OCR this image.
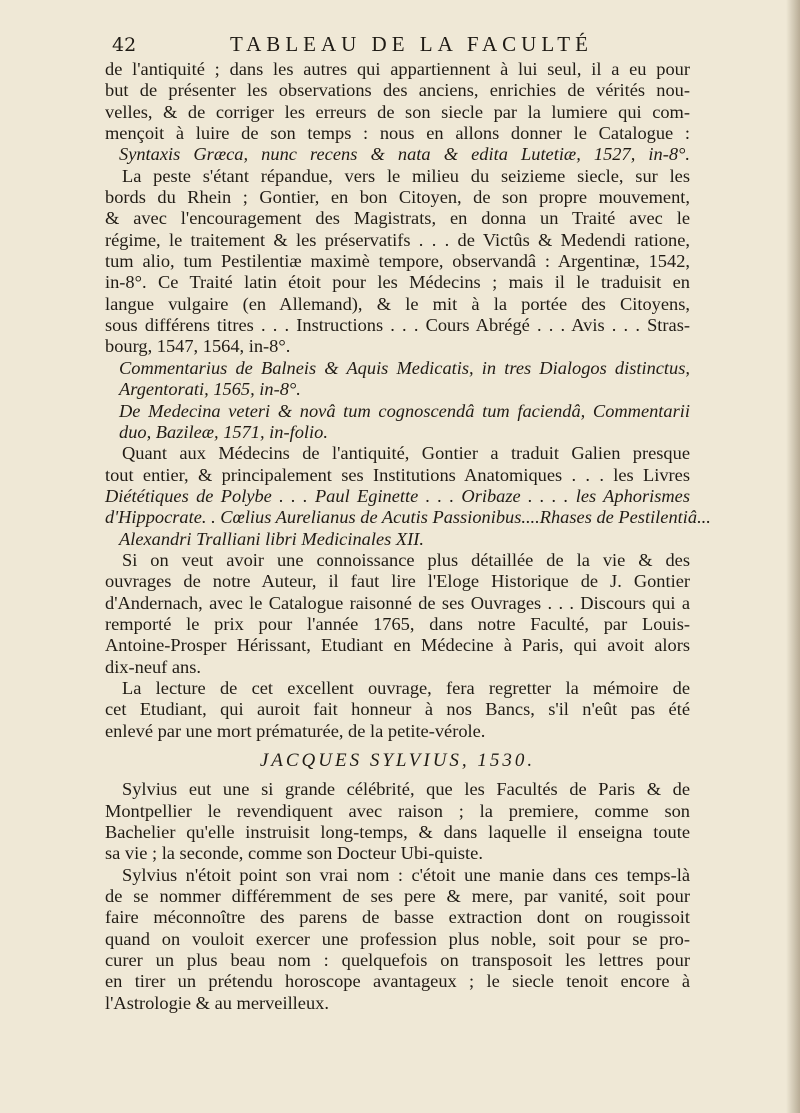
42	TABLEAU DE LA FACULTÉ
de l'antiquité ; dans les autres qui appartiennent à lui seul, il a eu pour
but de présenter les observations des anciens, enrichies de vérités nou-
velles, & de corriger les erreurs de son siecle par la lumiere qui com-
mençoit à luire de son temps : nous en allons donner le Catalogue :
Syntaxis Græca, nunc recens & nata & edita Lutetiæ, 1527, in-8°.
La peste s'étant répandue, vers le milieu du seizieme siecle, sur les
bords du Rhein ; Gontier, en bon Citoyen, de son propre mouvement,
& avec l'encouragement des Magistrats, en donna un Traité avec le
régime, le traitement & les préservatifs . . . de Victûs & Medendi ratione,
tum alio, tum Pestilentiæ maximè tempore, observandâ : Argentinæ, 1542,
in-8°. Ce Traité latin étoit pour les Médecins ; mais il le traduisit en
langue vulgaire (en Allemand), & le mit à la portée des Citoyens,
sous différens titres . . . Instructions . . . Cours Abrégé . . . Avis . . . Stras-
bourg, 1547, 1564, in-8°.
Commentarius de Balneis & Aquis Medicatis, in tres Dialogos distinctus,
Argentorati, 1565, in-8°.
De Medecina veteri & novâ tum cognoscendâ tum faciendâ, Commentarii
duo, Bazileæ, 1571, in-folio.
Quant aux Médecins de l'antiquité, Gontier a traduit Galien presque
tout entier, & principalement ses Institutions Anatomiques . . . les Livres
Diététiques de Polybe . . . Paul Eginette . . . Oribaze . . . . les Aphorismes
d'Hippocrate. . Cœlius Aurelianus de Acutis Passionibus....Rhases de Pestilentiâ...
Alexandri Tralliani libri Medicinales XII.
Si on veut avoir une connoissance plus détaillée de la vie & des
ouvrages de notre Auteur, il faut lire l'Eloge Historique de J. Gontier
d'Andernach, avec le Catalogue raisonné de ses Ouvrages . . . Discours qui a
remporté le prix pour l'année 1765, dans notre Faculté, par Louis-
Antoine-Prosper Hérissant, Etudiant en Médecine à Paris, qui avoit alors
dix-neuf ans.
La lecture de cet excellent ouvrage, fera regretter la mémoire de
cet Etudiant, qui auroit fait honneur à nos Bancs, s'il n'eût pas été
enlevé par une mort prématurée, de la petite-vérole.
JACQUES SYLVIUS, 1530.
Sylvius eut une si grande célébrité, que les Facultés de Paris & de
Montpellier le revendiquent avec raison ; la premiere, comme son
Bachelier qu'elle instruisit long-temps, & dans laquelle il enseigna toute
sa vie ; la seconde, comme son Docteur Ubi-quiste.
Sylvius n'étoit point son vrai nom : c'étoit une manie dans ces temps-là
de se nommer différemment de ses pere & mere, par vanité, soit pour
faire méconnoître des parens de basse extraction dont on rougissoit
quand on vouloit exercer une profession plus noble, soit pour se pro-
curer un plus beau nom : quelquefois on transposoit les lettres pour
en tirer un prétendu horoscope avantageux ; le siecle tenoit encore à
l'Astrologie & au merveilleux.
